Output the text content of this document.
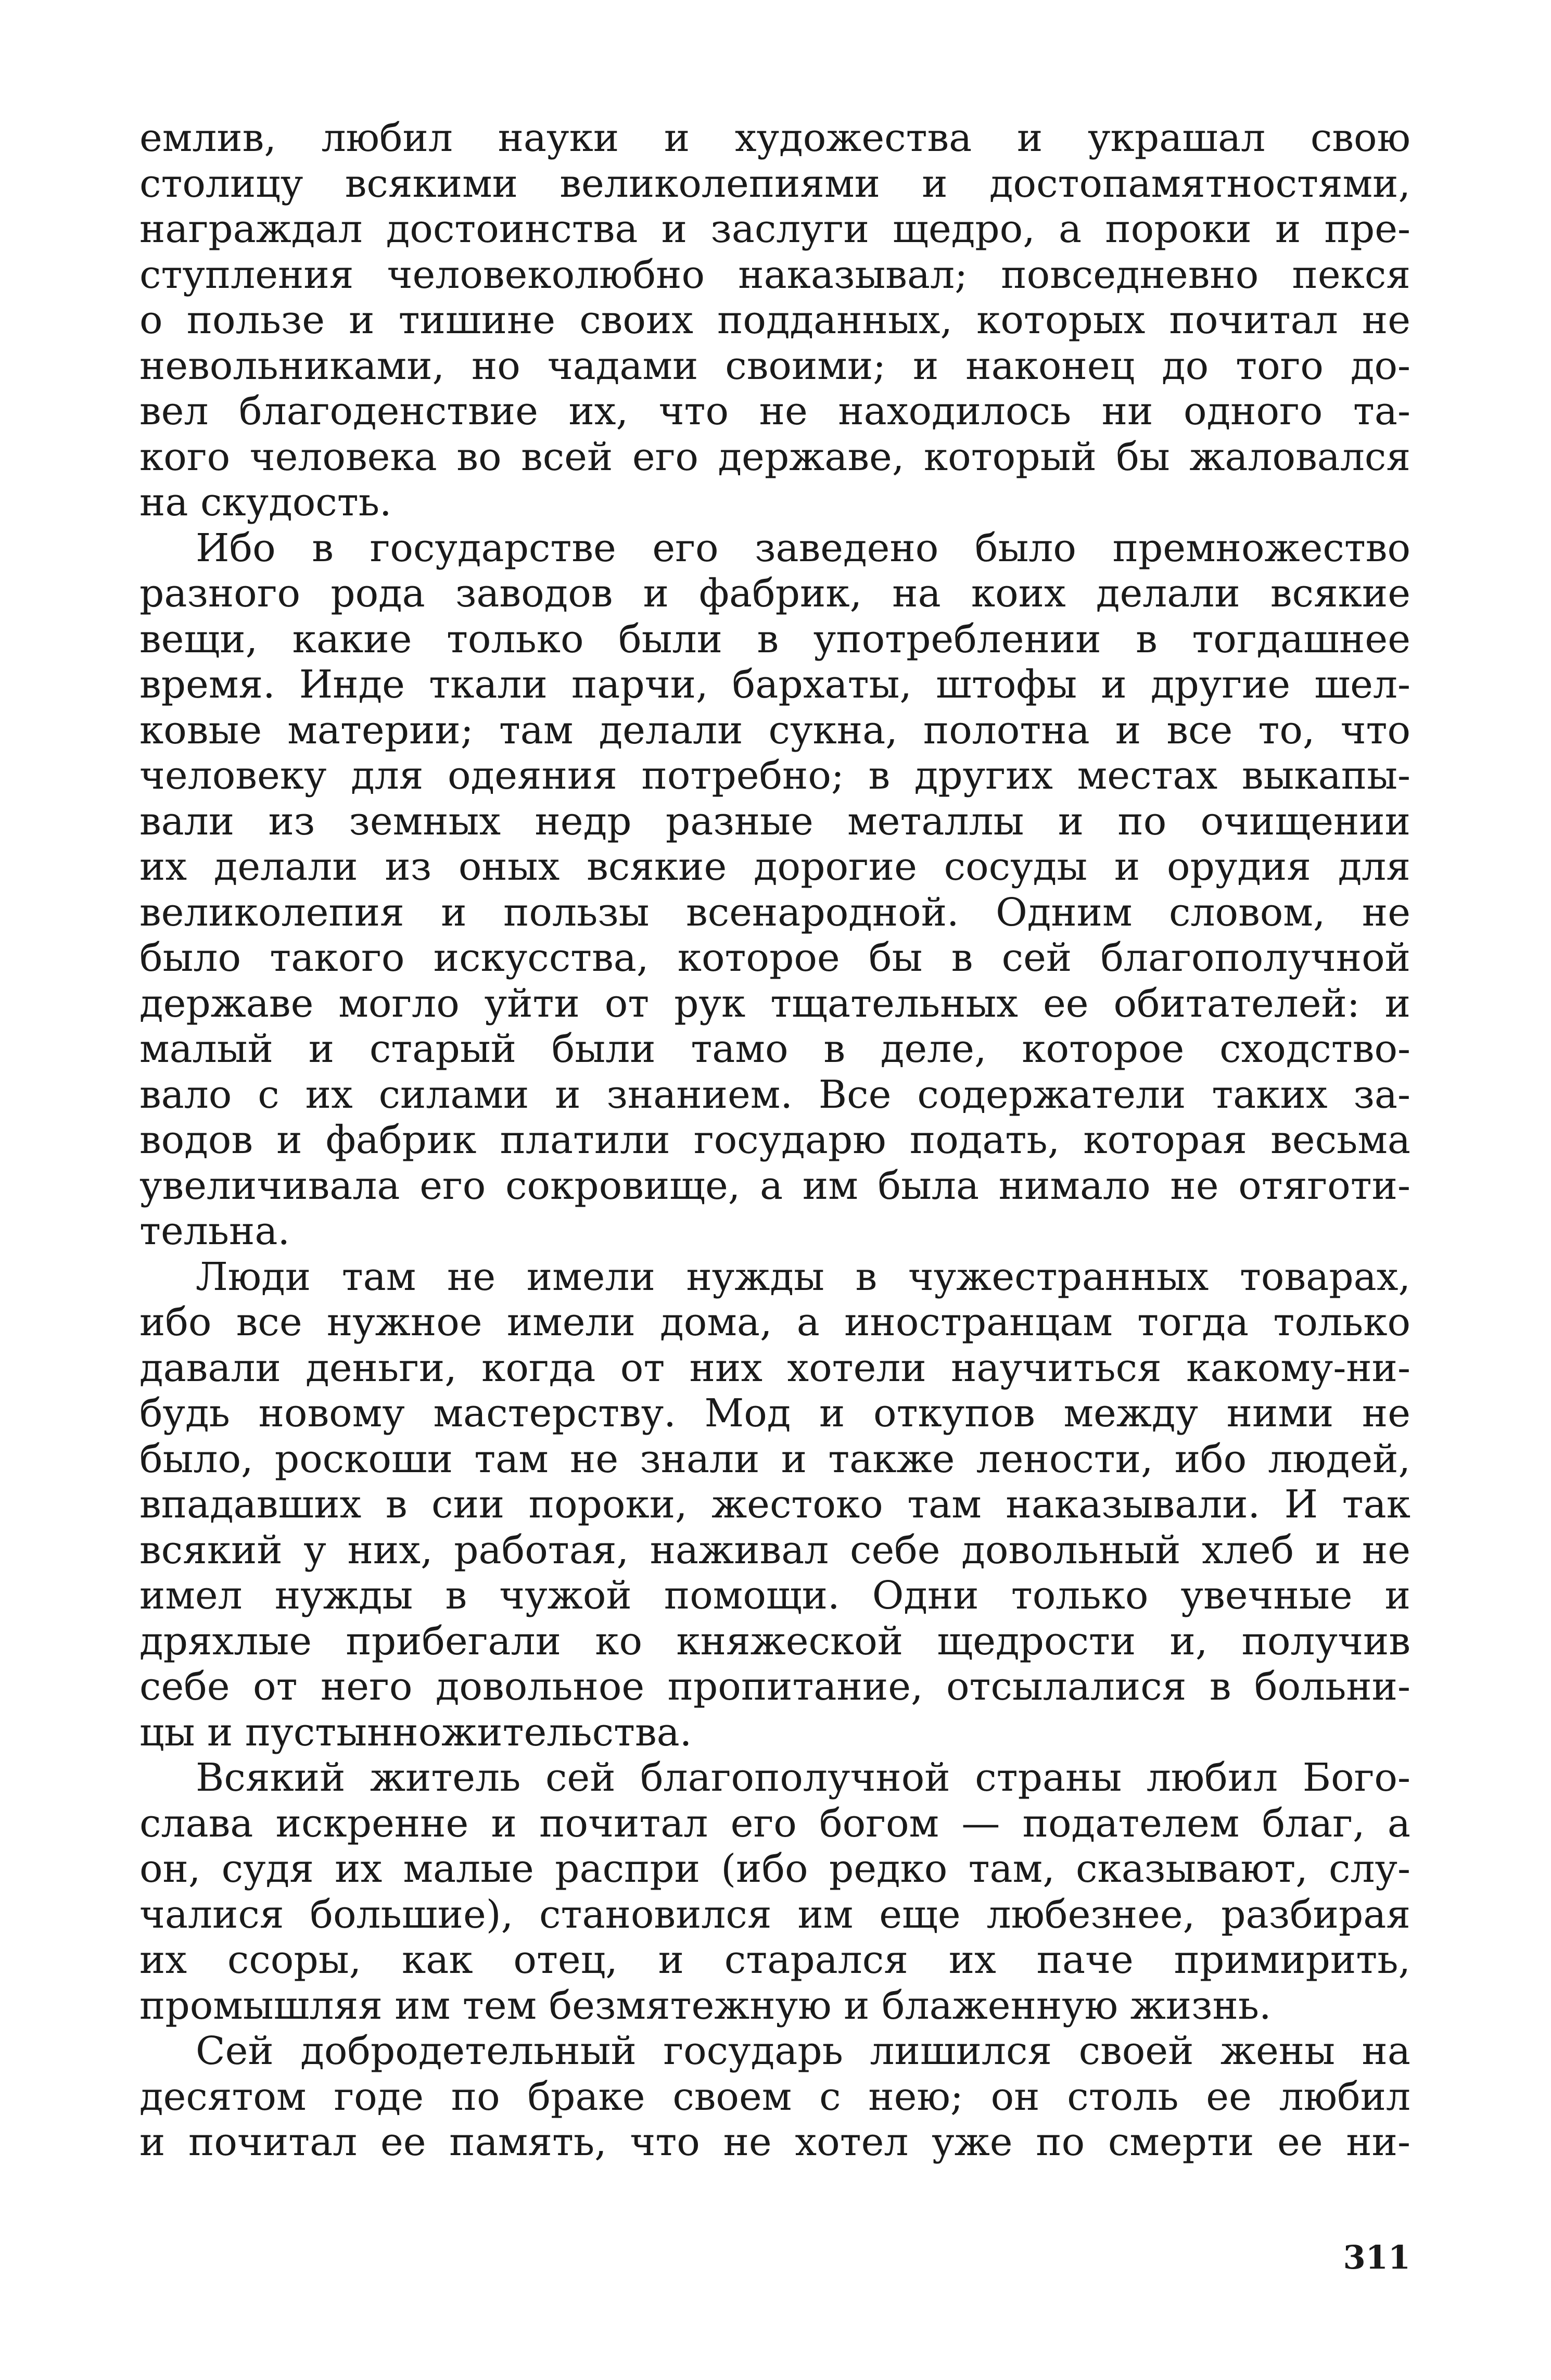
емлив, любил науки и художества и украшал свою
столицу всякими великолепиями и достопамятностями,
награждал достоинства и заслуги щедро, а пороки и пре-
ступления человеколюбно наказывал; повседневно пекся
о пользе и тишине своих подданных, которых почитал не
невольниками, но чадами своими; и наконец до того до-
вел благоденствие их, что не находилось ни одного та-
кого человека во всей его державе, который бы жаловался
на скудость.
Ибо в государстве его заведено было премножество
разного рода заводов и фабрик, на коих делали всякие
вещи, какие только были в употреблении в тогдашнее
время. Инде ткали парчи, бархаты, штофы и другие шел-
ковые материи; там делали сукна, полотна и все то, что
человеку для одеяния потребно; в других местах выкапы-
вали из земных недр разные металлы и по очищении
их делали из оных всякие дорогие сосуды и орудия для
великолепия и пользы всенародной. Одним словом, не
было такого искусства, которое бы в сей благополучной
державе могло уйти от рук тщательных ее обитателей: и
малый и старый были тамо в деле, которое сходство-
вало с их силами и знанием. Все содержатели таких за-
водов и фабрик платили государю подать, которая весьма
увеличивала его сокровище, а им была нимало не отяготи-
тельна.
Люди там не имели нужды в чужестранных товарах,
ибо все нужное имели дома, а иностранцам тогда только
давали деньги, когда от них хотели научиться какому-ни-
будь новому мастерству. Мод и откупов между ними не
было, роскоши там не знали и также лености, ибо людей,
впадавших в сии пороки, жестоко там наказывали. И так
всякий у них, работая, наживал себе довольный хлеб и не
имел нужды в чужой помощи. Одни только увечные и
дряхлые прибегали ко княжеской щедрости и, получив
себе от него довольное пропитание, отсылалися в больни-
цы и пустынножительства.
Всякий житель сей благополучной страны любил Бого-
слава искренне и почитал его богом — подателем благ, а
он, судя их малые распри (ибо редко там, сказывают, слу-
чалися большие), становился им еще любезнее, разбирая
их ссоры, как отец, и старался их паче примирить,
промышляя им тем безмятежную и блаженную жизнь.
Сей добродетельный государь лишился своей жены на
десятом годе по браке своем с нею; он столь ее любил
и почитал ее память, что не хотел уже по смерти ее ни-
311
